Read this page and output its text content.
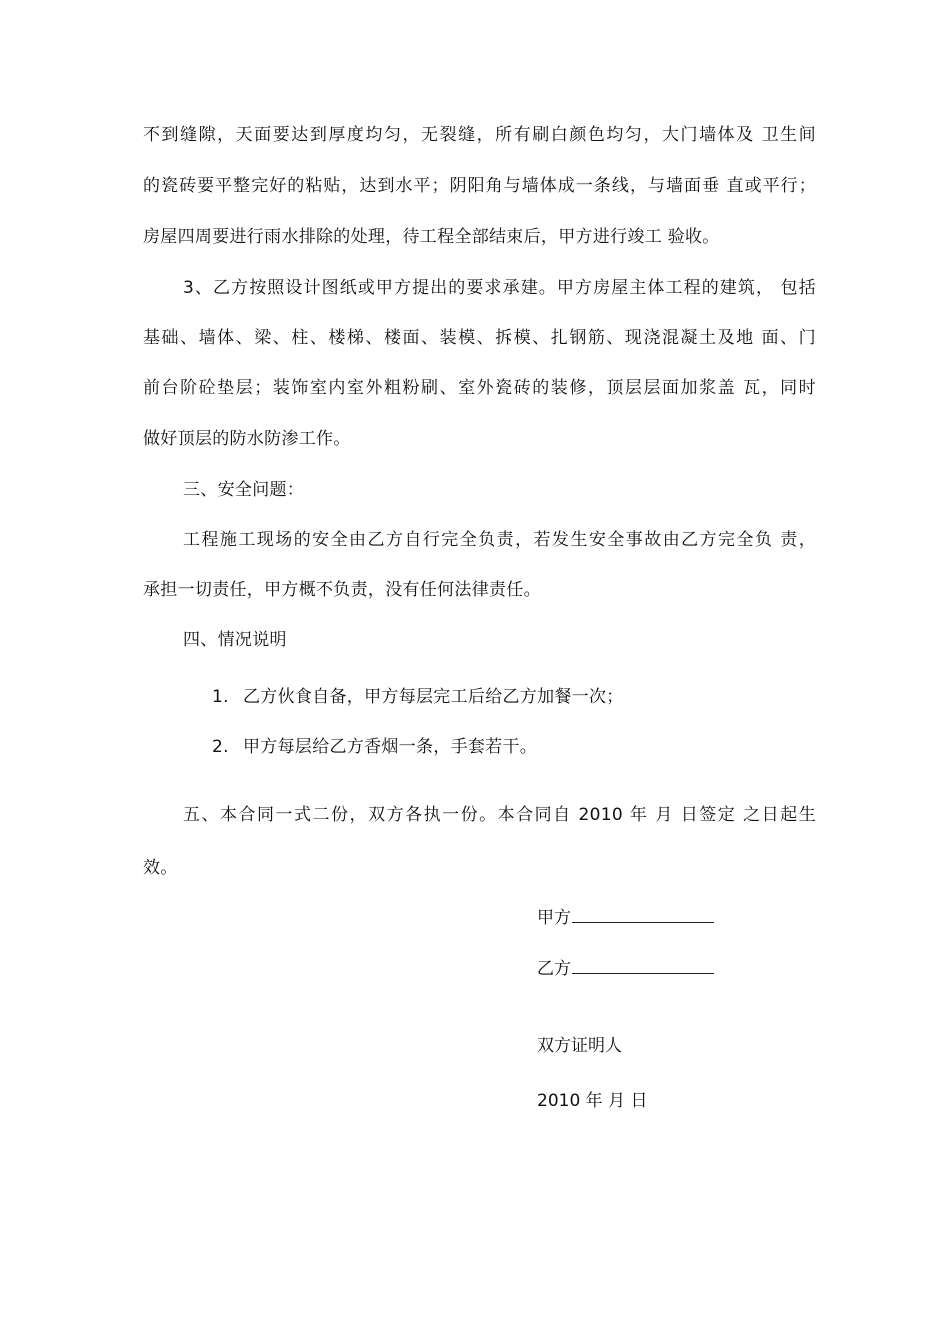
不到缝隙，天面要达到厚度均匀，无裂缝，所有刷白颜色均匀，大门墙体及 卫生间
的瓷砖要平整完好的粘贴，达到水平；阴阳角与墙体成一条线，与墙面垂 直或平行；
房屋四周要进行雨水排除的处理，待工程全部结束后，甲方进行竣工 验收。
3、乙方按照设计图纸或甲方提出的要求承建。甲方房屋主体工程的建筑， 包括
基础、墙体、梁、柱、楼梯、楼面、装模、拆模、扎钢筋、现浇混凝土及地 面、门
前台阶砼垫层；装饰室内室外粗粉刷、室外瓷砖的装修，顶层层面加浆盖 瓦，同时
做好顶层的防水防渗工作。
三、安全问题：
工程施工现场的安全由乙方自行完全负责，若发生安全事故由乙方完全负 责，
承担一切责任，甲方概不负责，没有任何法律责任。
四、情况说明
1. 乙方伙食自备，甲方每层完工后给乙方加餐一次；
2. 甲方每层给乙方香烟一条，手套若干。
五、本合同一式二份，双方各执一份。本合同自 2010 年 月 日签定 之日起生
效。
甲方
乙方
双方证明人
2010 年 月 日
